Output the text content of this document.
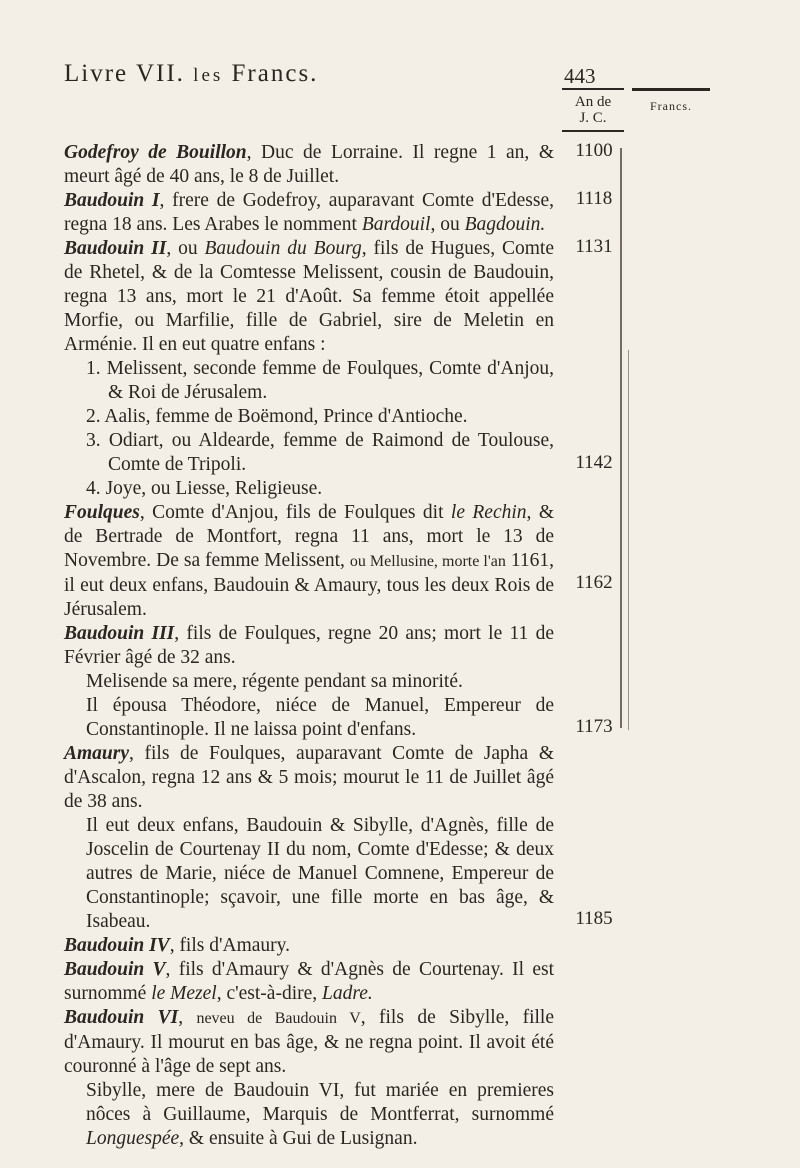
Livre VII. les Francs.	443
An de
J. C.
Francs.
1100
1118
1131
1142
1162
1173
1185

Godefroy de Bouillon, Duc de Lorraine. Il regne 1 an, & meurt âgé de 40 ans, le 8 de Juillet.

Baudouin I, frere de Godefroy, auparavant Comte d'Edesse, regna 18 ans. Les Arabes le nomment Bardouil, ou Bagdouin.

Baudouin II, ou Baudouin du Bourg, fils de Hugues, Comte de Rhetel, & de la Comtesse Melissent, cousin de Baudouin, regna 13 ans, mort le 21 d'Août. Sa femme étoit appellée Morfie, ou Marfilie, fille de Gabriel, sire de Meletin en Arménie. Il en eut quatre enfans :

1. Melissent, seconde femme de Foulques, Comte d'Anjou, & Roi de Jérusalem.

2. Aalis, femme de Boëmond, Prince d'Antioche.

3. Odiart, ou Aldearde, femme de Raimond de Toulouse, Comte de Tripoli.

4. Joye, ou Liesse, Religieuse.

Foulques, Comte d'Anjou, fils de Foulques dit le Rechin, & de Bertrade de Montfort, regna 11 ans, mort le 13 de Novembre. De sa femme Melissent, ou Mellusine, morte l'an 1161, il eut deux enfans, Baudouin & Amaury, tous les deux Rois de Jérusalem.

Baudouin III, fils de Foulques, regne 20 ans; mort le 11 de Février âgé de 32 ans.

Melisende sa mere, régente pendant sa minorité.

Il épousa Théodore, niéce de Manuel, Empereur de Constantinople. Il ne laissa point d'enfans.

Amaury, fils de Foulques, auparavant Comte de Japha & d'Ascalon, regna 12 ans & 5 mois; mourut le 11 de Juillet âgé de 38 ans.

Il eut deux enfans, Baudouin & Sibylle, d'Agnès, fille de Joscelin de Courtenay II du nom, Comte d'Edesse; & deux autres de Marie, niéce de Manuel Comnene, Empereur de Constantinople; sçavoir, une fille morte en bas âge, & Isabeau.

Baudouin IV, fils d'Amaury.

Baudouin V, fils d'Amaury & d'Agnès de Courtenay. Il est surnommé le Mezel, c'est-à-dire, Ladre.

Baudouin VI, neveu de Baudouin V, fils de Sibylle, fille d'Amaury. Il mourut en bas âge, & ne regna point. Il avoit été couronné à l'âge de sept ans.

Sibylle, mere de Baudouin VI, fut mariée en premieres nôces à Guillaume, Marquis de Montferrat, surnommé Longuespée, & ensuite à Gui de Lusignan.
